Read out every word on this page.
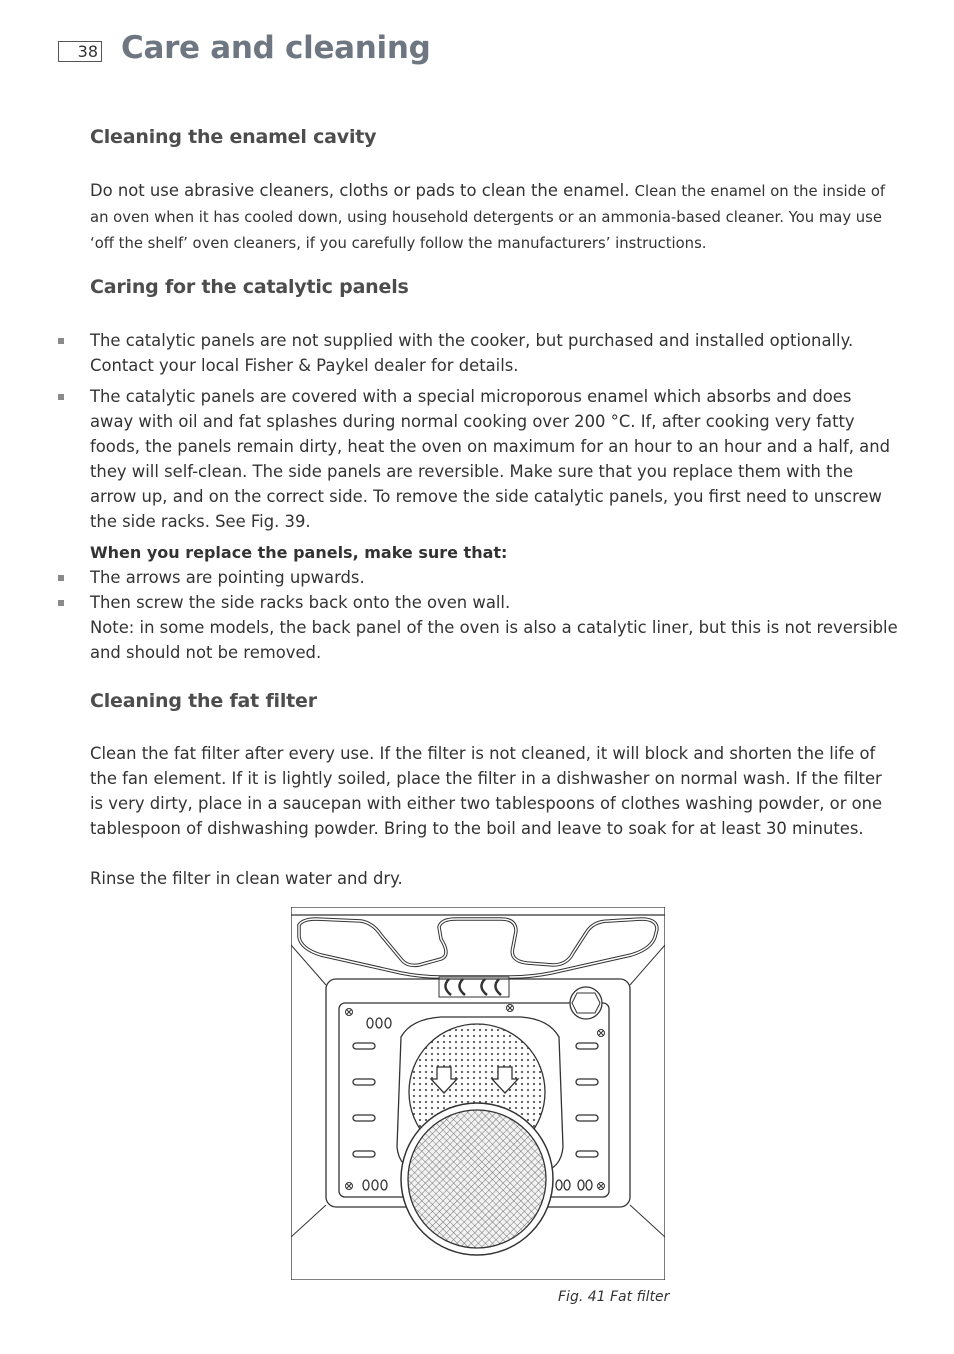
38 Care and cleaning
Cleaning the enamel cavity

Do not use abrasive cleaners, cloths or pads to clean the enamel. Clean the enamel on the inside of an oven when it has cooled down, using household detergents or an ammonia-based cleaner. You may use ‘off the shelf’ oven cleaners, if you carefully follow the manufacturers’ instructions.

Caring for the catalytic panels

The catalytic panels are not supplied with the cooker, but purchased and installed optionally. Contact your local Fisher & Paykel dealer for details.

The catalytic panels are covered with a special microporous enamel which absorbs and does away with oil and fat splashes during normal cooking over 200 °C. If, after cooking very fatty foods, the panels remain dirty, heat the oven on maximum for an hour to an hour and a half, and they will self-clean. The side panels are reversible. Make sure that you replace them with the arrow up, and on the correct side. To remove the side catalytic panels, you first need to unscrew the side racks. See Fig. 39.

When you replace the panels, make sure that:

The arrows are pointing upwards.

Then screw the side racks back onto the oven wall.

Note: in some models, the back panel of the oven is also a catalytic liner, but this is not reversible and should not be removed.

Cleaning the fat filter

Clean the fat filter after every use. If the filter is not cleaned, it will block and shorten the life of the fan element. If it is lightly soiled, place the filter in a dishwasher on normal wash. If the filter is very dirty, place in a saucepan with either two tablespoons of clothes washing powder, or one tablespoon of dishwashing powder. Bring to the boil and leave to soak for at least 30 minutes.

Rinse the filter in clean water and dry.

Fig. 41 Fat filter
